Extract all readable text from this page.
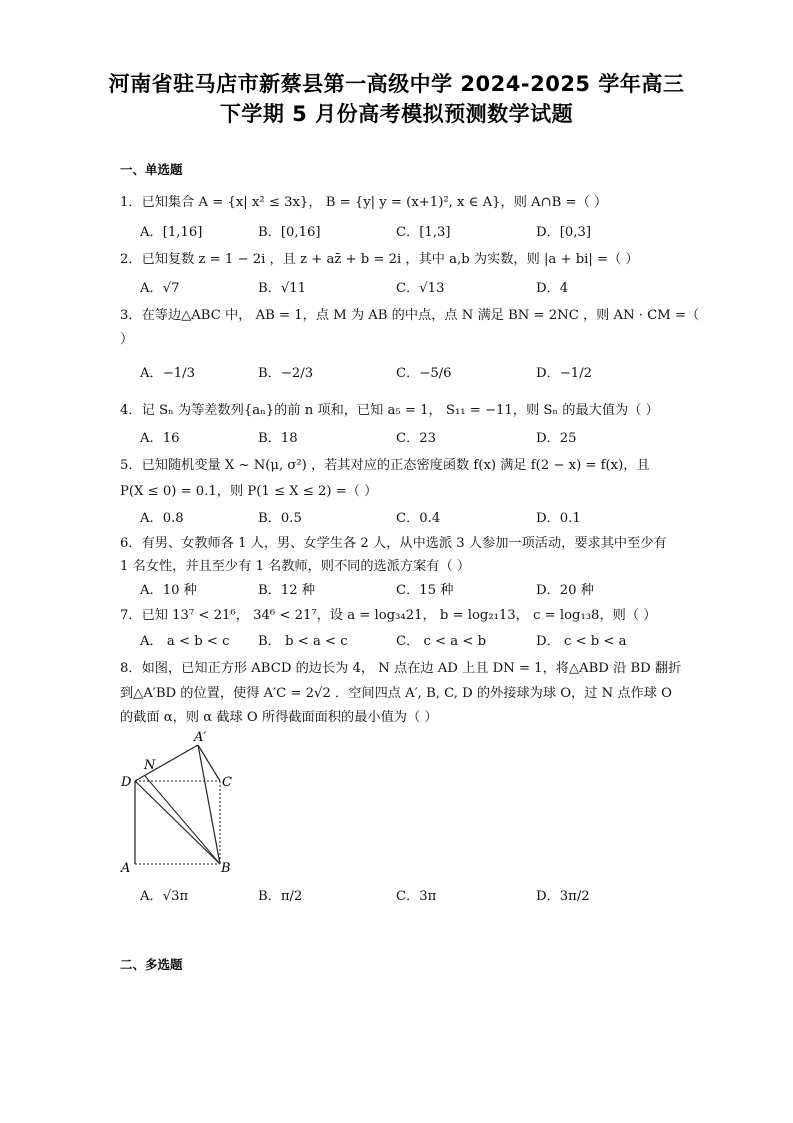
河南省驻马店市新蔡县第一高级中学 2024-2025 学年高三
下学期 5 月份高考模拟预测数学试题
一、单选题
1．已知集合 A = {x| x² ≤ 3x}， B = {y| y = (x+1)², x ∈ A}，则 A∩B =（ ）
A．[1,16]	B．[0,16]	C．[1,3]	D．[0,3]
2．已知复数 z = 1 − 2i ，且 z + az̄ + b = 2i ，其中 a,b 为实数，则 |a + bi| =（ ）
A．√7	B．√11	C．√13	D．4
3．在等边△ABC 中， AB = 1，点 M 为 AB 的中点，点 N 满足 BN = 2NC ，则 AN · CM =（
）
A．−1/3	B．−2/3	C．−5/6	D．−1/2
4．记 Sₙ 为等差数列{aₙ}的前 n 项和，已知 a₅ = 1， S₁₁ = −11，则 Sₙ 的最大值为（ ）
A．16	B．18	C．23	D．25
5．已知随机变量 X ~ N(μ, σ²) ，若其对应的正态密度函数 f(x) 满足 f(2 − x) = f(x)，且
P(X ≤ 0) = 0.1，则 P(1 ≤ X ≤ 2) =（ ）
A．0.8	B．0.5	C．0.4	D．0.1
6．有男、女教师各 1 人，男、女学生各 2 人，从中选派 3 人参加一项活动，要求其中至少有
1 名女性，并且至少有 1 名教师，则不同的选派方案有（ ）
A．10 种	B．12 种	C．15 种	D．20 种
7．已知 13⁷ < 21⁶， 34⁶ < 21⁷，设 a = log₃₄21， b = log₂₁13， c = log₁₃8，则（ ）
A． a < b < c B． b < a < c	C． c < a < b	D． c < b < a
8．如图，已知正方形 ABCD 的边长为 4， N 点在边 AD 上且 DN = 1，将△ABD 沿 BD 翻折
到△A′BD 的位置，使得 A′C = 2√2 ．空间四点 A′, B, C, D 的外接球为球 O，过 N 点作球 O
的截面 α，则 α 截球 O 所得截面面积的最小值为（ ）
A′
N
D	C
A	B
A．√3π	B．π/2	C．3π	D．3π/2
二、多选题
